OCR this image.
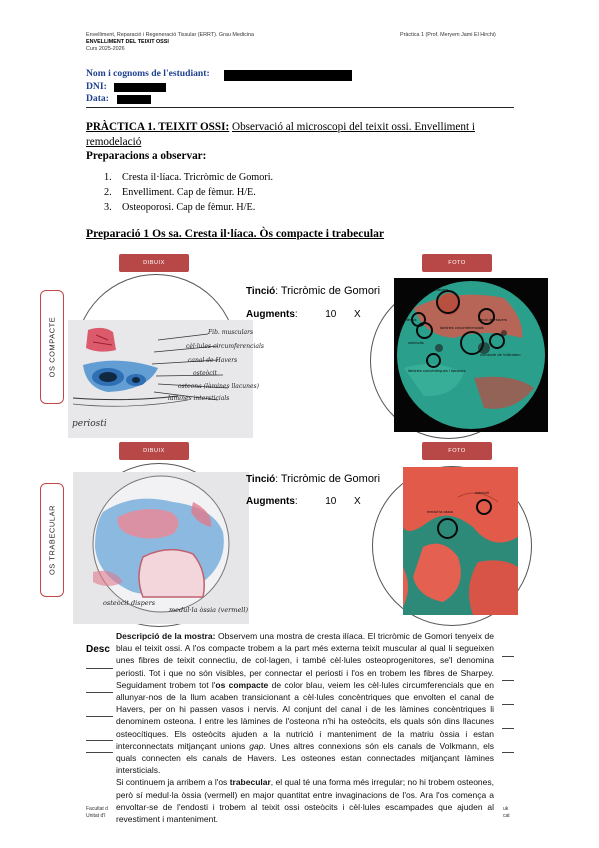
Envelliment, Reparació i Regeneració Tissular (ERRT). Grau Medicina
ENVELLIMENT DEL TEIXIT OSSI
Curs 2025-2026
Pràctica 1 (Prof. Meryem Jami El Hirchi)
Nom i cognoms de l'estudiant:
DNI:
Data:
PRÀCTICA 1. TEIXIT OSSI: Observació al microscopi del teixit ossi. Envelliment i remodelació
Preparacions a observar:
1. Cresta il·líaca. Tricròmic de Gomori.
2. Envelliment. Cap de fèmur. H/E.
3. Osteoporosi. Cap de fèmur. H/E.
Preparació 1 Os sa. Cresta il·líaca. Òs compacte i trabecular
DIBUIX	FOTO
OS COMPACTE	Fib. musculars
cèl·lules circumferencials
canal de Havers
osteòcit
osteona (làmines llacunes)
lamines intersticials
periosti
Tinció: Tricròmic de Gomori
Augments:	10 X
Sharpey
perifèrica	canal de Havers
làmines circumferencials
osteòcits
conducte de Volkmann
làmines concèntriques i llacunes
DIBUIX	FOTO
OS TRABECULAR
osteòcit dispers
medul·la òssia (vermell)
Tinció: Tricròmic de Gomori
Augments:	10 X
medul·la òssia
osteòcit
Desc
Descripció de la mostra: Observem una mostra de cresta ilíaca. El tricròmic de Gomori tenyeix de blau el teixit ossi. A l'os compacte trobem a la part més externa teixit muscular al qual li segueixen unes fibres de teixit connectiu, de col·lagen, i també cèl·lules osteoprogenitores, se'l denomina periosti. Tot i que no són visibles, per connectar el periosti i l'os en trobem les fibres de Sharpey. Seguidament trobem tot l'os compacte de color blau, veiem les cèl·lules circumferencials que en allunyar-nos de la llum acaben transicionant a cèl·lules concèntriques que envolten el canal de Havers, per on hi passen vasos i nervis. Al conjunt del canal i de les làmines concèntriques li denominem osteona. I entre les làmines de l'osteona n'hi ha osteòcits, els quals són dins llacunes osteocítiques. Els osteòcits ajuden a la nutrició i manteniment de la matriu òssia i estan interconnectats mitjançant unions gap. Unes altres connexions són els canals de Volkmann, els quals connecten els canals de Havers. Les osteones estan connectades mitjançant làmines intersticials.
Si continuem ja arribem a l'os trabecular, el qual té una forma més irregular; no hi trobem osteones, però sí medul·la òssia (vermell) en major quantitat entre invaginacions de l'os. Ara l'os comença a envoltar-se de l'endosti i trobem al teixit ossi osteòcits i cèl·lules escampades que ajuden al revestiment i manteniment.
Facultat d
Unitat d'I
uk
cat
